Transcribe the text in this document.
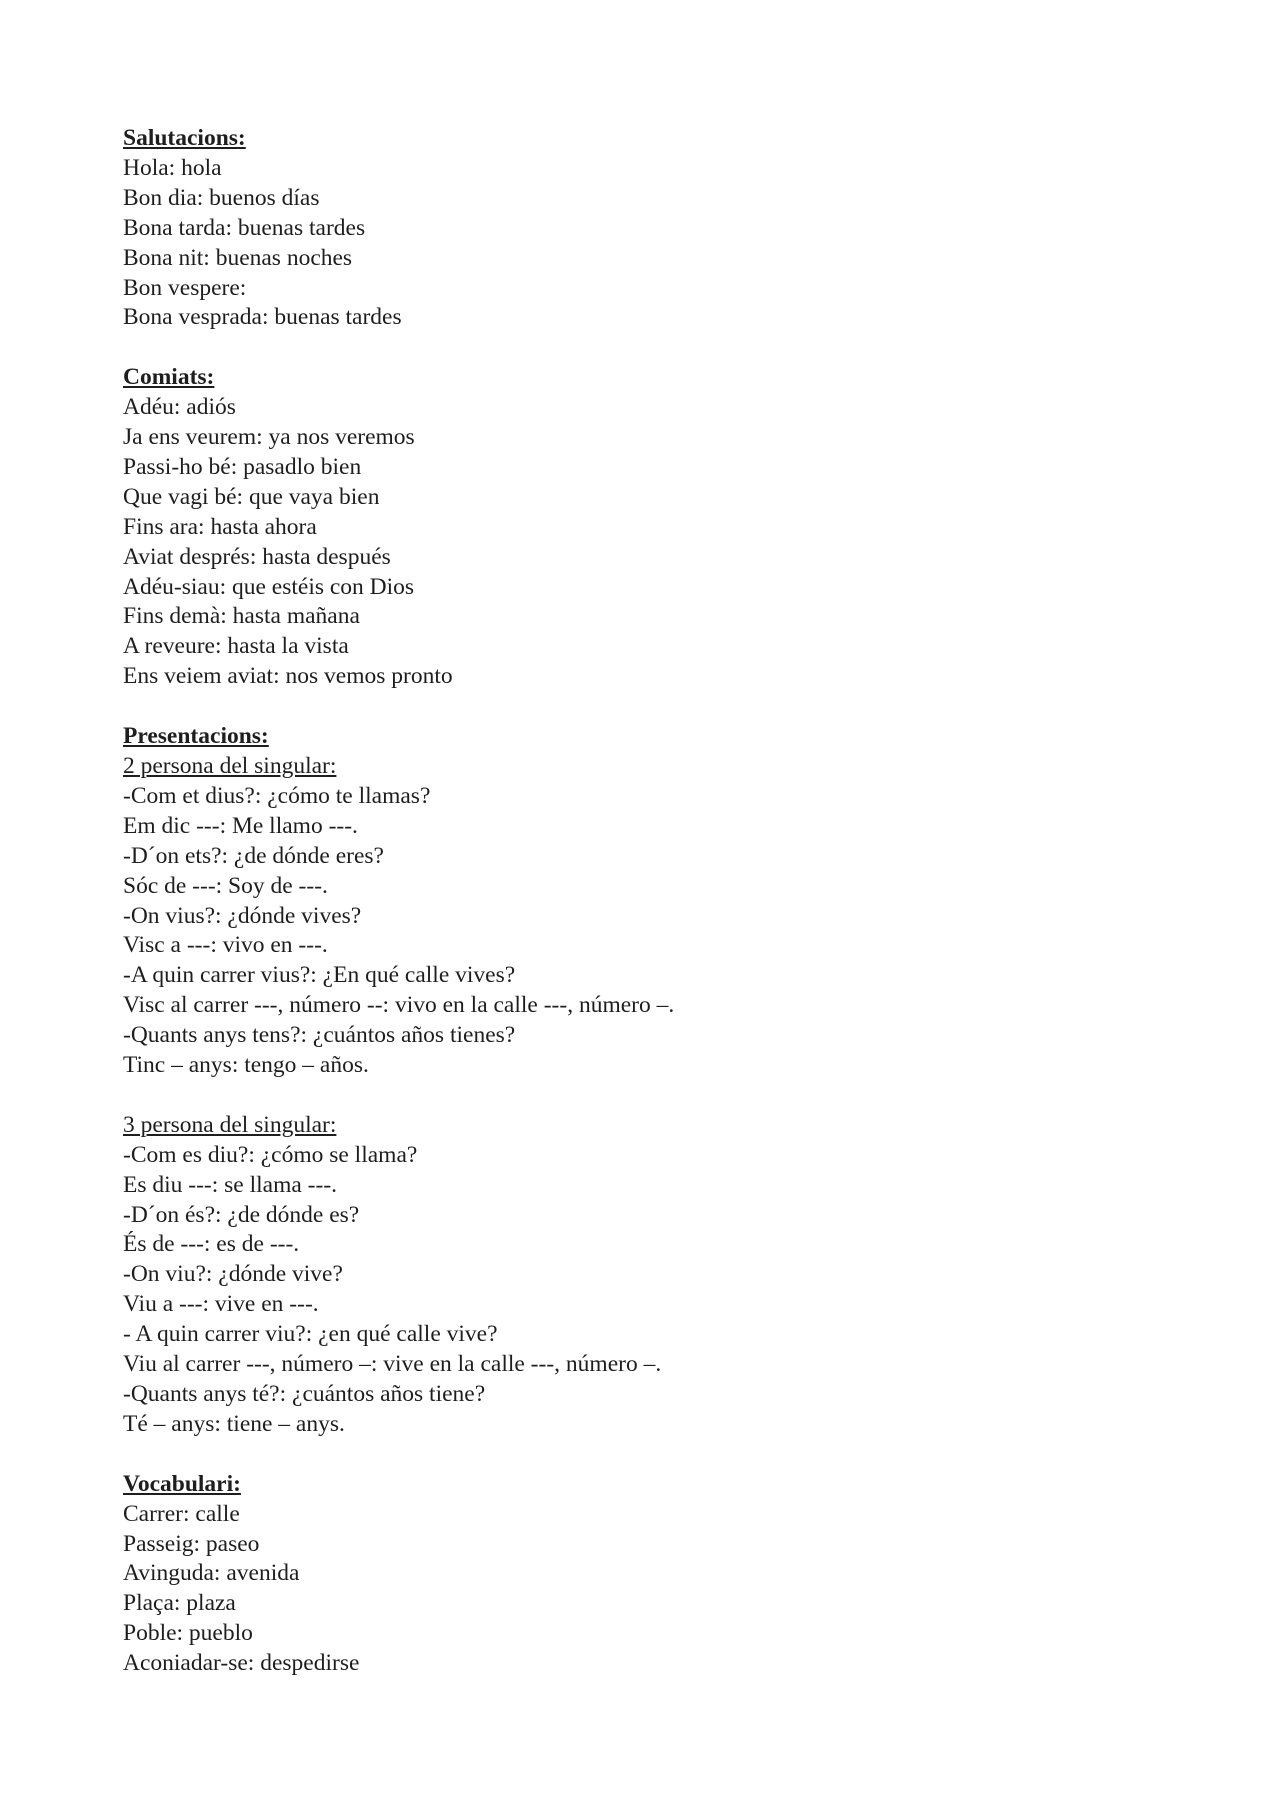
Salutacions:
Hola: hola
Bon dia: buenos días
Bona tarda: buenas tardes
Bona nit: buenas noches
Bon vespere:
Bona vesprada: buenas tardes
Comiats:
Adéu: adiós
Ja ens veurem: ya nos veremos
Passi-ho bé: pasadlo bien
Que vagi bé: que vaya bien
Fins ara: hasta ahora
Aviat després: hasta después
Adéu-siau: que estéis con Dios
Fins demà: hasta mañana
A reveure: hasta la vista
Ens veiem aviat: nos vemos pronto
Presentacions:
2 persona del singular:
-Com et dius?: ¿cómo te llamas?
Em dic ---: Me llamo ---.
-D´on ets?: ¿de dónde eres?
Sóc de ---: Soy de ---.
-On vius?: ¿dónde vives?
Visc a ---: vivo en ---.
-A quin carrer vius?: ¿En qué calle vives?
Visc al carrer ---, número --: vivo en la calle ---, número –.
-Quants anys tens?: ¿cuántos años tienes?
Tinc – anys: tengo – años.
3 persona del singular:
-Com es diu?: ¿cómo se llama?
Es diu ---: se llama ---.
-D´on és?: ¿de dónde es?
És de ---: es de ---.
-On viu?: ¿dónde vive?
Viu a ---: vive en ---.
- A quin carrer viu?: ¿en qué calle vive?
Viu al carrer ---, número –: vive en la calle ---, número –.
-Quants anys té?: ¿cuántos años tiene?
Té – anys: tiene – anys.
Vocabulari:
Carrer: calle
Passeig: paseo
Avinguda: avenida
Plaça: plaza
Poble: pueblo
Aconiadar-se: despedirse
